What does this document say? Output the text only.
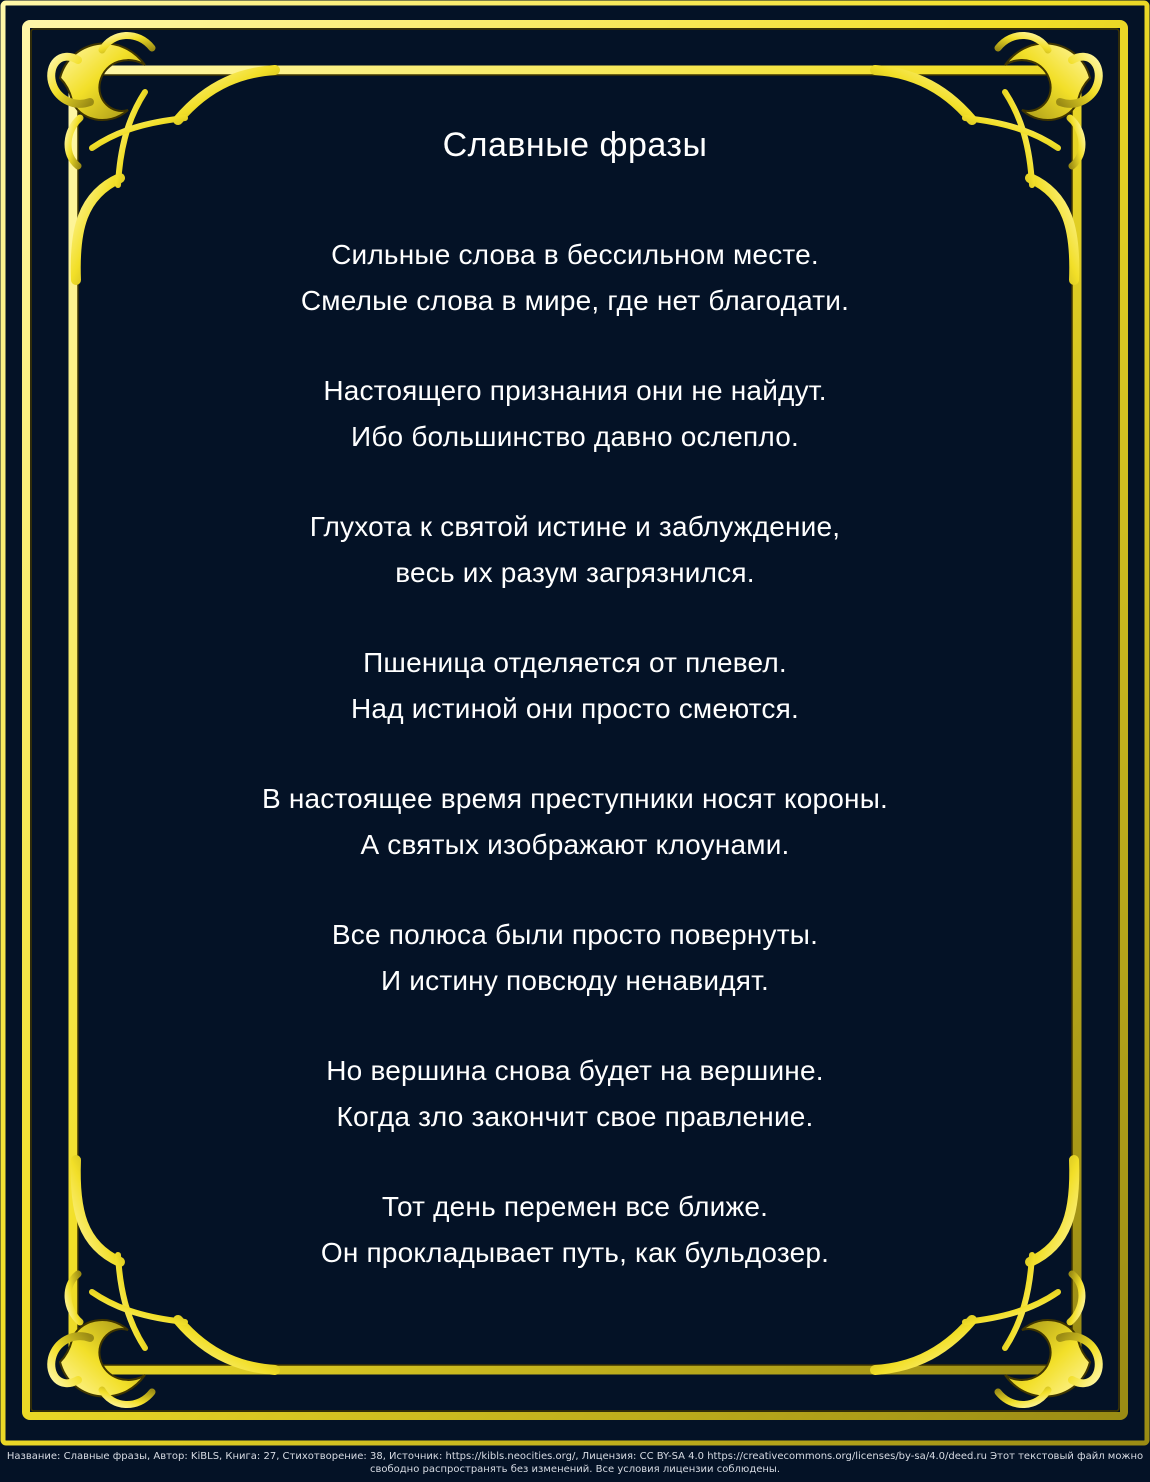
Славные фразы
Сильные слова в бессильном месте.
Смелые слова в мире, где нет благодати.
Настоящего признания они не найдут.
Ибо большинство давно ослепло.
Глухота к святой истине и заблуждение,
весь их разум загрязнился.
Пшеница отделяется от плевел.
Над истиной они просто смеются.
В настоящее время преступники носят короны.
А святых изображают клоунами.
Все полюса были просто повернуты.
И истину повсюду ненавидят.
Но вершина снова будет на вершине.
Когда зло закончит свое правление.
Тот день перемен все ближе.
Он прокладывает путь, как бульдозер.
Название: Славные фразы, Автор: KiBLS, Книга: 27, Стихотворение: 38, Источник: https://kibls.neocities.org/, Лицензия: CC BY-SA 4.0 https://creativecommons.org/licenses/by-sa/4.0/deed.ru Этот текстовый файл можно
свободно распространять без изменений. Все условия лицензии соблюдены.
